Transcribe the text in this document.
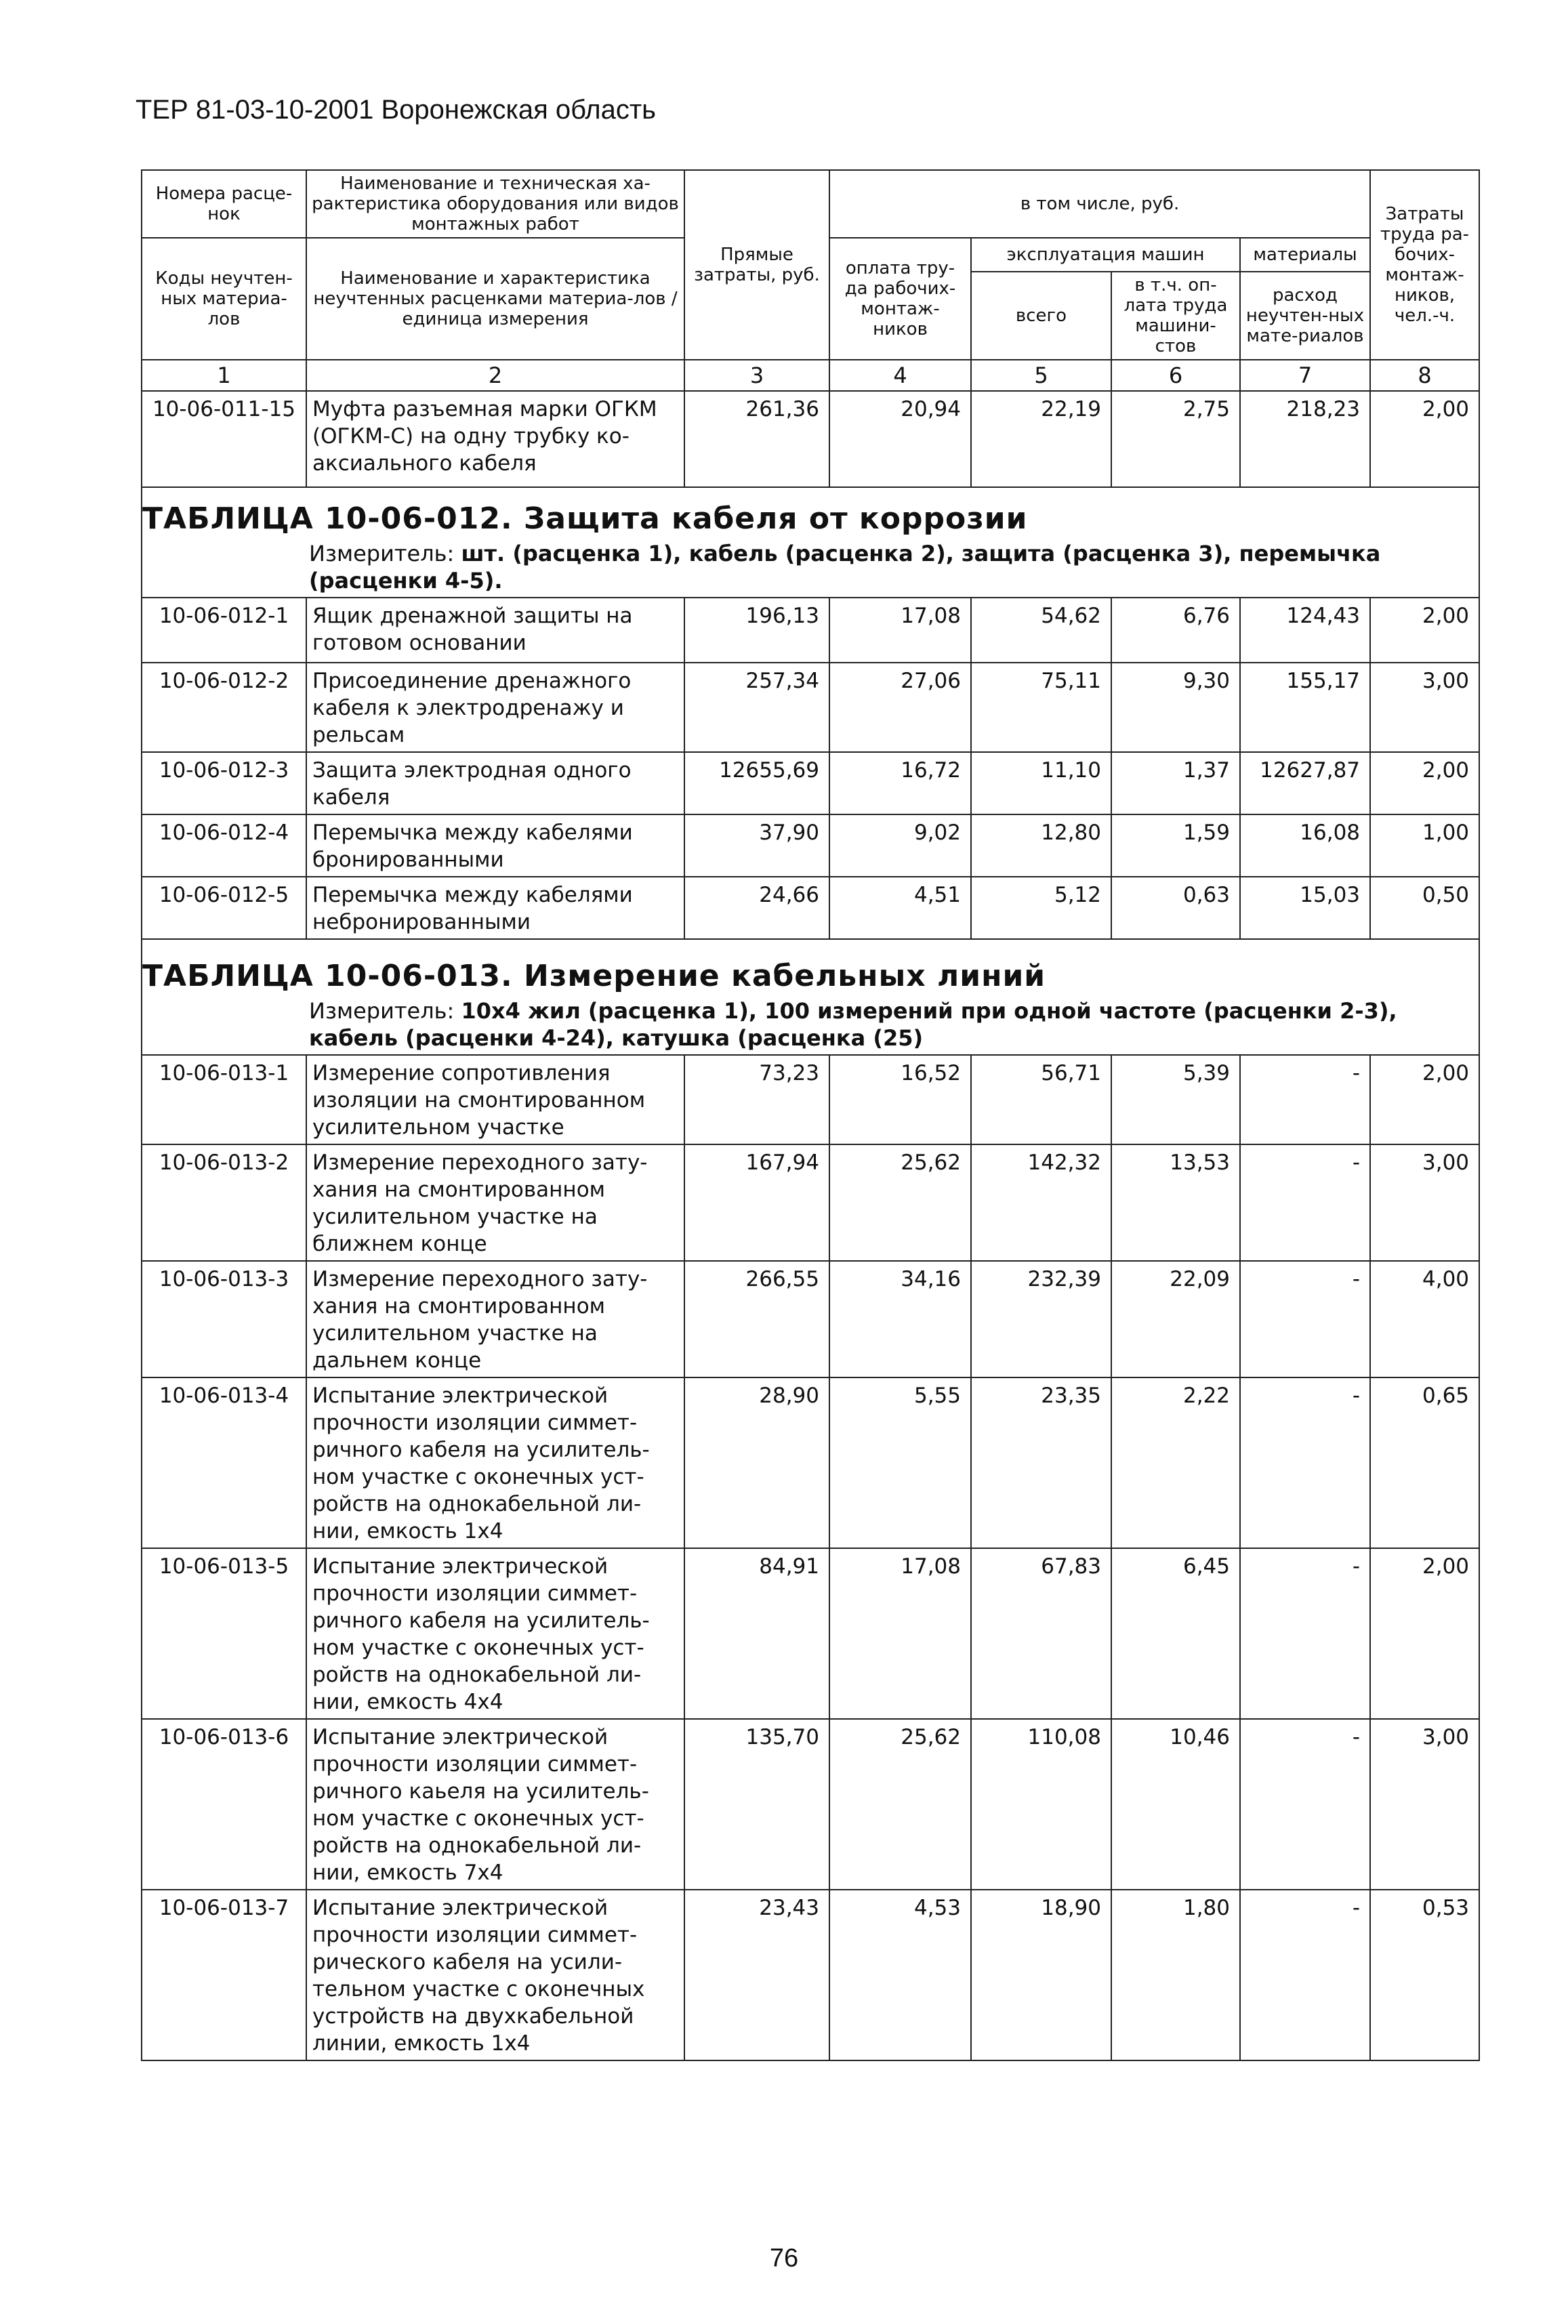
ТЕР 81-03-10-2001 Воронежская область
Номера расце-нок	Наименование и техническая ха-рактеристика оборудования или видов монтажных работ	Прямые затраты, руб.	в том числе, руб.				Затраты труда ра-бочих-монтаж-ников, чел.-ч.
Коды неучтен-ных материа-лов	Наименование и характеристика неучтенных расценками материа-лов / единица измерения		оплата тру-да рабочих-монтаж-ников	эксплуатация машин		материалы	
				всего	в т.ч. оп-лата труда машини-стов	расход неучтен-ных мате-риалов	

1	2	3	4	5	6	7	8
10-06-011-15	Муфта разъемная марки ОГКМ (ОГКМ-С) на одну трубку ко-аксиального кабеля	261,36	20,94	22,19	2,75	218,23	2,00

ТАБЛИЦА 10-06-012. Защита кабеля от коррозии							

Измеритель: шт. (расценка 1), кабель (расценка 2), защита (расценка 3), перемычка (расценки 4-5).							

10-06-012-1	Ящик дренажной защиты на готовом основании	196,13	17,08	54,62	6,76	124,43	2,00
10-06-012-2	Присоединение дренажного кабеля к электродренажу и рельсам	257,34	27,06	75,11	9,30	155,17	3,00
10-06-012-3	Защита электродная одного кабеля	12655,69	16,72	11,10	1,37	12627,87	2,00
10-06-012-4	Перемычка между кабелями бронированными	37,90	9,02	12,80	1,59	16,08	1,00
10-06-012-5	Перемычка между кабелями небронированными	24,66	4,51	5,12	0,63	15,03	0,50

ТАБЛИЦА 10-06-013. Измерение кабельных линий							

Измеритель: 10х4 жил (расценка 1), 100 измерений при одной частоте (расценки 2-3), кабель (расценки 4-24), катушка (расценка (25)							

10-06-013-1	Измерение сопротивления изоляции на смонтированном усилительном участке	73,23	16,52	56,71	5,39	-	2,00
10-06-013-2	Измерение переходного зату-хания на смонтированном усилительном участке на ближнем конце	167,94	25,62	142,32	13,53	-	3,00
10-06-013-3	Измерение переходного зату-хания на смонтированном усилительном участке на дальнем конце	266,55	34,16	232,39	22,09	-	4,00
10-06-013-4	Испытание электрической прочности изоляции симмет-ричного кабеля на усилитель-ном участке с оконечных уст-ройств на однокабельной ли-нии, емкость 1х4	28,90	5,55	23,35	2,22	-	0,65
10-06-013-5	Испытание электрической прочности изоляции симмет-ричного кабеля на усилитель-ном участке с оконечных уст-ройств на однокабельной ли-нии, емкость 4х4	84,91	17,08	67,83	6,45	-	2,00
10-06-013-6	Испытание электрической прочности изоляции симмет-ричного каьеля на усилитель-ном участке с оконечных уст-ройств на однокабельной ли-нии, емкость 7х4	135,70	25,62	110,08	10,46	-	3,00
10-06-013-7	Испытание электрической прочности изоляции симмет-рического кабеля на усили-тельном участке с оконечных устройств на двухкабельной линии, емкость 1х4	23,43	4,53	18,90	1,80	-	0,53
76
